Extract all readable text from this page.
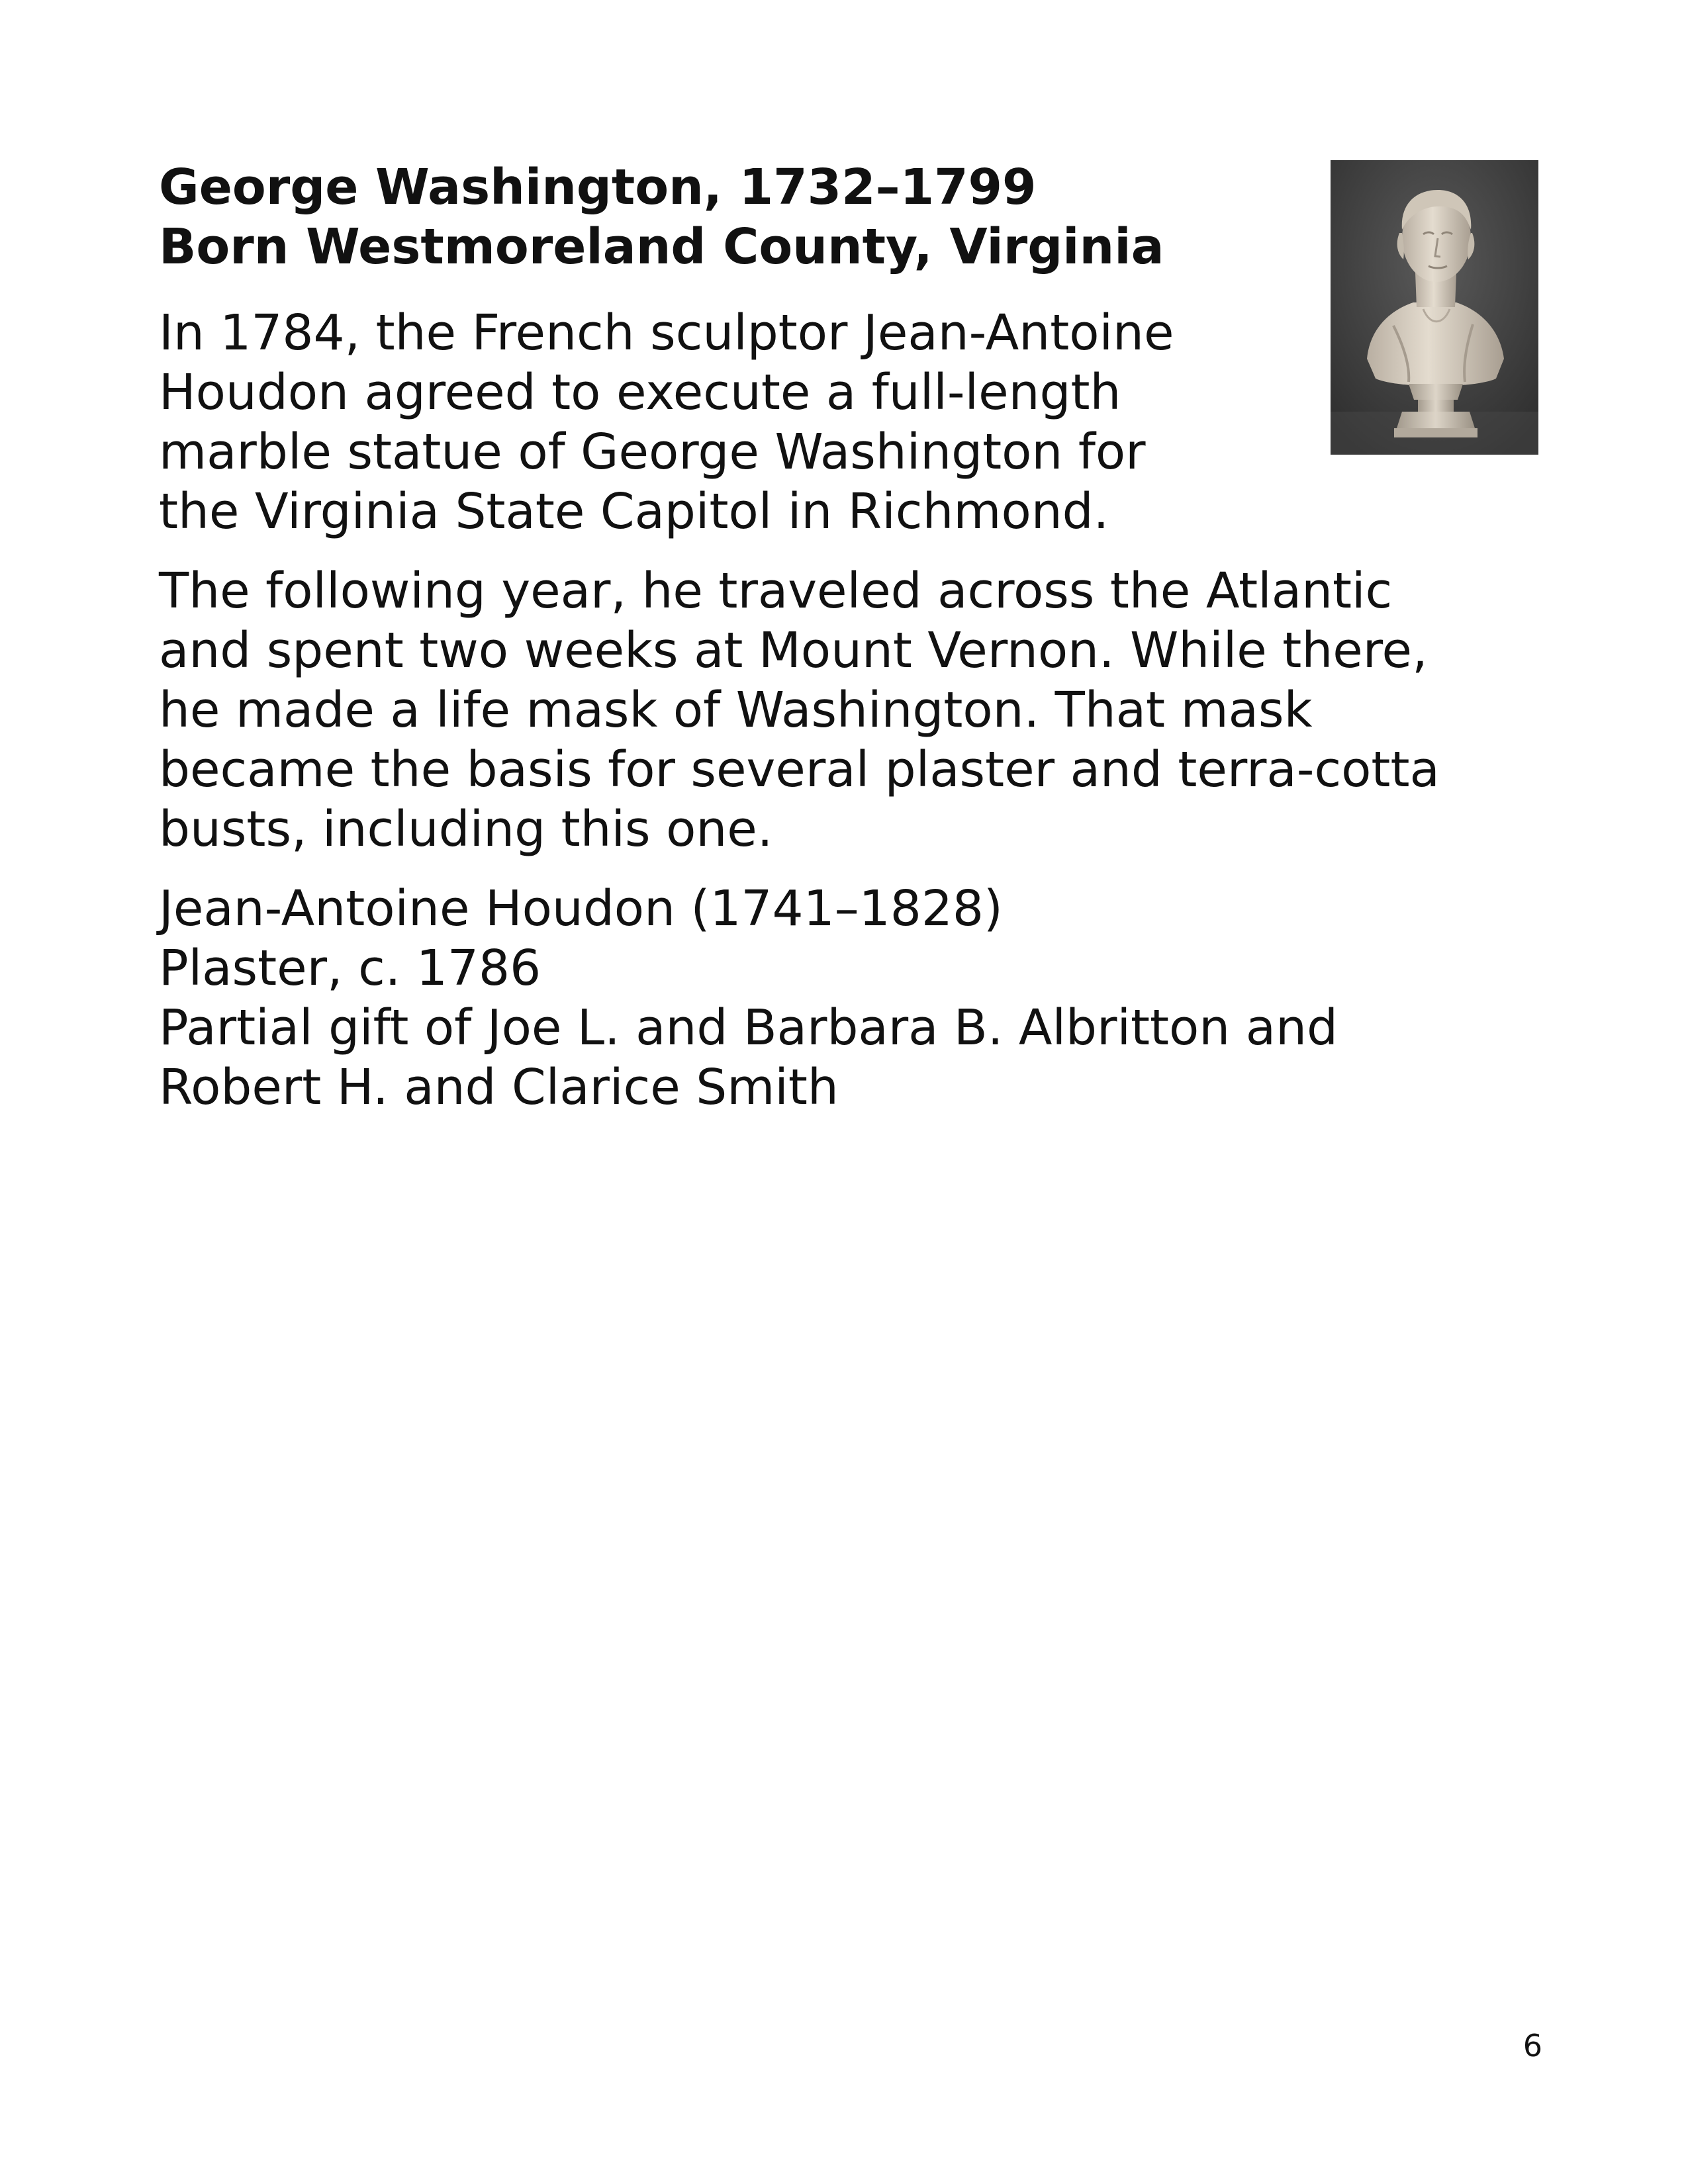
George Washington, 1732–1799
Born Westmoreland County, Virginia

In 1784, the French sculptor Jean-Antoine
Houdon agreed to execute a full-length
marble statue of George Washington for
the Virginia State Capitol in Richmond.

The following year, he traveled across the Atlantic
and spent two weeks at Mount Vernon. While there,
he made a life mask of Washington. That mask
became the basis for several plaster and terra-cotta
busts, including this one.

Jean-Antoine Houdon (1741–1828)
Plaster, c. 1786
Partial gift of Joe L. and Barbara B. Albritton and
Robert H. and Clarice Smith

6
